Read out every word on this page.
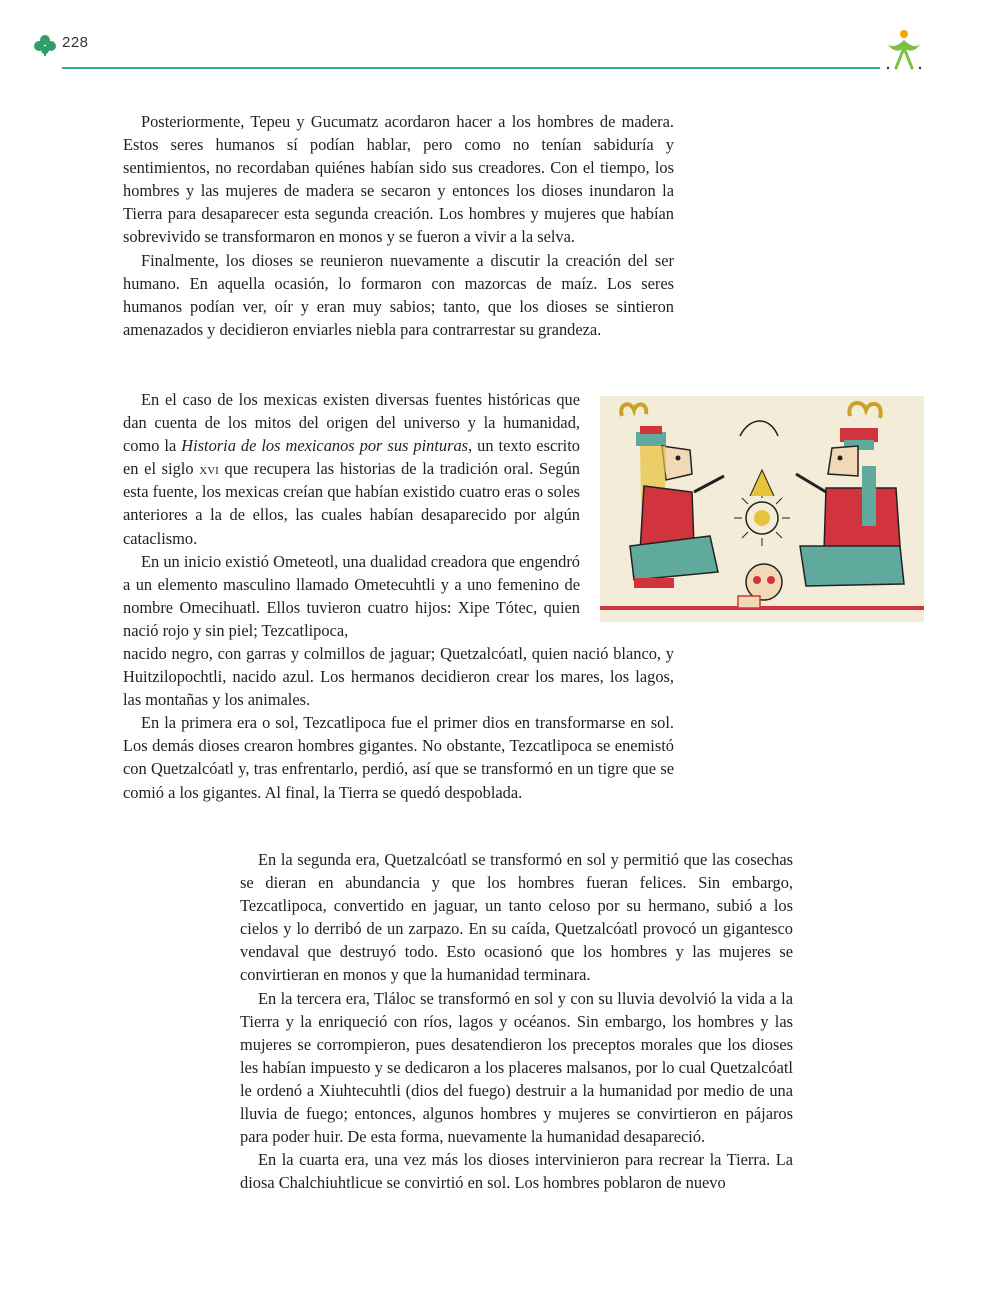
228

Posteriormente, Tepeu y Gucumatz acordaron hacer a los hombres de madera. Estos seres humanos sí podían hablar, pero como no tenían sabiduría y sentimientos, no recordaban quiénes habían sido sus creadores. Con el tiempo, los hombres y las mujeres de madera se secaron y entonces los dioses inundaron la Tierra para desaparecer esta segunda creación. Los hombres y mujeres que habían sobrevivido se transformaron en monos y se fueron a vivir a la selva.

Finalmente, los dioses se reunieron nuevamente a discutir la creación del ser humano. En aquella ocasión, lo formaron con mazorcas de maíz. Los seres humanos podían ver, oír y eran muy sabios; tanto, que los dioses se sintieron amenazados y decidieron enviarles niebla para contrarrestar su grandeza.

En el caso de los mexicas existen diversas fuentes históricas que dan cuenta de los mitos del origen del universo y la humanidad, como la Historia de los mexicanos por sus pinturas, un texto escrito en el siglo xvi que recupera las historias de la tradición oral. Según esta fuente, los mexicas creían que habían existido cuatro eras o soles anteriores a la de ellos, las cuales habían desaparecido por algún cataclismo.

En un inicio existió Ometeotl, una dualidad creadora que engendró a un elemento masculino llamado Ometecuhtli y a uno femenino de nombre Omecihuatl. Ellos tuvieron cuatro hijos: Xipe Tótec, quien nació rojo y sin piel; Tezcatlipoca,

nacido negro, con garras y colmillos de jaguar; Quetzalcóatl, quien nació blanco, y Huitzilopochtli, nacido azul. Los hermanos decidieron crear los mares, los lagos, las montañas y los animales.

En la primera era o sol, Tezcatlipoca fue el primer dios en transformarse en sol. Los demás dioses crearon hombres gigantes. No obstante, Tezcatlipoca se enemistó con Quetzalcóatl y, tras enfrentarlo, perdió, así que se transformó en un tigre que se comió a los gigantes. Al final, la Tierra se quedó despoblada.

En la segunda era, Quetzalcóatl se transformó en sol y permitió que las cosechas se dieran en abundancia y que los hombres fueran felices. Sin embargo, Tezcatlipoca, convertido en jaguar, un tanto celoso por su hermano, subió a los cielos y lo derribó de un zarpazo. En su caída, Quetzalcóatl provocó un gigantesco vendaval que destruyó todo. Esto ocasionó que los hombres y las mujeres se convirtieran en monos y que la humanidad terminara.

En la tercera era, Tláloc se transformó en sol y con su lluvia devolvió la vida a la Tierra y la enriqueció con ríos, lagos y océanos. Sin embargo, los hombres y las mujeres se corrompieron, pues desatendieron los preceptos morales que los dioses les habían impuesto y se dedicaron a los placeres malsanos, por lo cual Quetzalcóatl le ordenó a Xiuhtecuhtli (dios del fuego) destruir a la humanidad por medio de una lluvia de fuego; entonces, algunos hombres y mujeres se convirtieron en pájaros para poder huir. De esta forma, nuevamente la humanidad desapareció.

En la cuarta era, una vez más los dioses intervinieron para recrear la Tierra. La diosa Chalchiuhtlicue se convirtió en sol. Los hombres poblaron de nuevo
